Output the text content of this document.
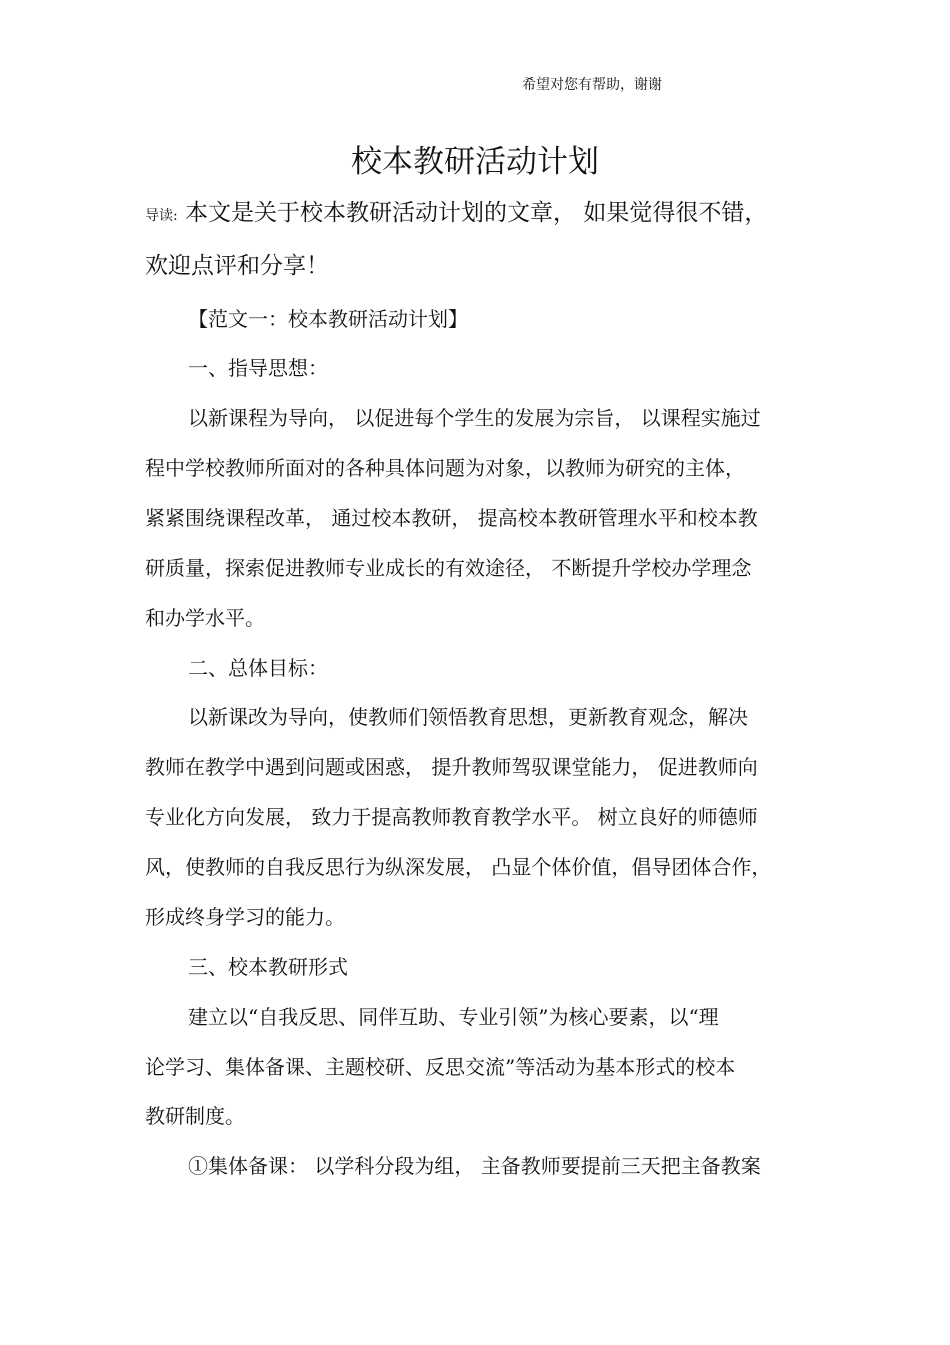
希望对您有帮助，谢谢
校本教研活动计划
导读: 本文是关于校本教研活动计划的文章， 如果觉得很不错，
欢迎点评和分享！
【范文一：校本教研活动计划】
一、指导思想：
以新课程为导向， 以促进每个学生的发展为宗旨， 以课程实施过
程中学校教师所面对的各种具体问题为对象，以教师为研究的主体，
紧紧围绕课程改革， 通过校本教研， 提高校本教研管理水平和校本教
研质量，探索促进教师专业成长的有效途径， 不断提升学校办学理念
和办学水平。
二、总体目标：
以新课改为导向，使教师们领悟教育思想，更新教育观念，解决
教师在教学中遇到问题或困惑， 提升教师驾驭课堂能力， 促进教师向
专业化方向发展， 致力于提高教师教育教学水平。 树立良好的师德师
风，使教师的自我反思行为纵深发展， 凸显个体价值，倡导团体合作，
形成终身学习的能力。
三、校本教研形式
建立以“自我反思、同伴互助、专业引领”为核心要素，以“理
论学习、集体备课、主题校研、反思交流”等活动为基本形式的校本
教研制度。
①集体备课： 以学科分段为组， 主备教师要提前三天把主备教案
